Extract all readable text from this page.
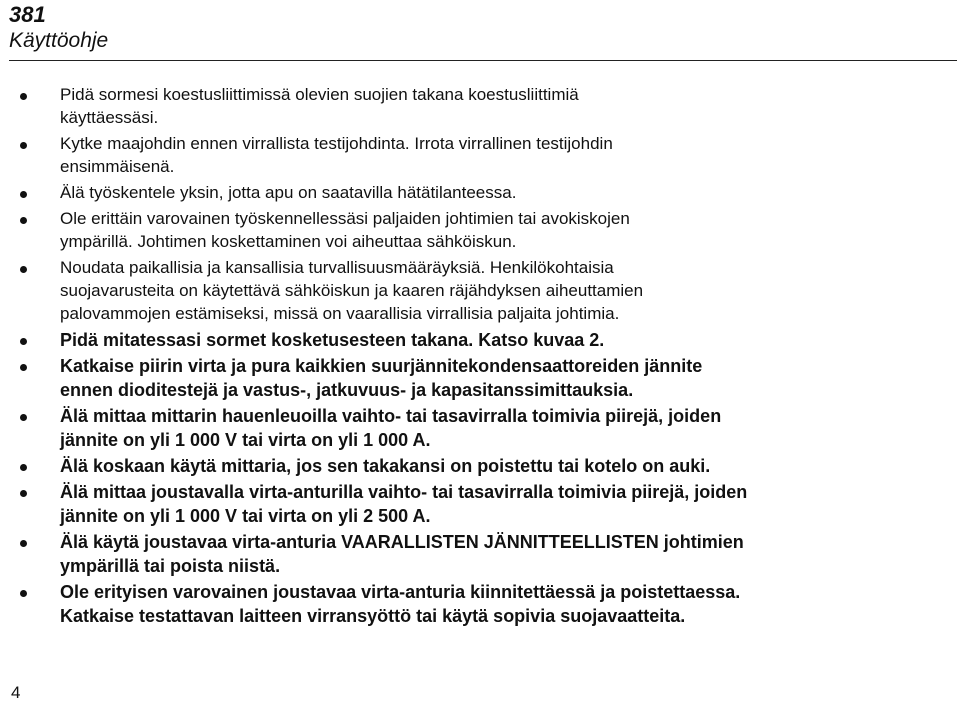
381
Käyttöohje
Pidä sormesi koestusliittimissä olevien suojien takana koestusliittimiä
käyttäessäsi.
Kytke maajohdin ennen virrallista testijohdinta. Irrota virrallinen testijohdin
ensimmäisenä.
Älä työskentele yksin, jotta apu on saatavilla hätätilanteessa.
Ole erittäin varovainen työskennellessäsi paljaiden johtimien tai avokiskojen
ympärillä. Johtimen koskettaminen voi aiheuttaa sähköiskun.
Noudata paikallisia ja kansallisia turvallisuusmääräyksiä. Henkilökohtaisia
suojavarusteita on käytettävä sähköiskun ja kaaren räjähdyksen aiheuttamien
palovammojen estämiseksi, missä on vaarallisia virrallisia paljaita johtimia.
Pidä mitatessasi sormet kosketusesteen takana. Katso kuvaa 2.
Katkaise piirin virta ja pura kaikkien suurjännitekondensaattoreiden jännite
ennen dioditestejä ja vastus-, jatkuvuus- ja kapasitanssimittauksia.
Älä mittaa mittarin hauenleuoilla vaihto- tai tasavirralla toimivia piirejä, joiden
jännite on yli 1 000 V tai virta on yli 1 000 A.
Älä koskaan käytä mittaria, jos sen takakansi on poistettu tai kotelo on auki.
Älä mittaa joustavalla virta-anturilla vaihto- tai tasavirralla toimivia piirejä, joiden
jännite on yli 1 000 V tai virta on yli 2 500 A.
Älä käytä joustavaa virta-anturia VAARALLISTEN JÄNNITTEELLISTEN johtimien
ympärillä tai poista niistä.
Ole erityisen varovainen joustavaa virta-anturia kiinnitettäessä ja poistettaessa.
Katkaise testattavan laitteen virransyöttö tai käytä sopivia suojavaatteita.
4
